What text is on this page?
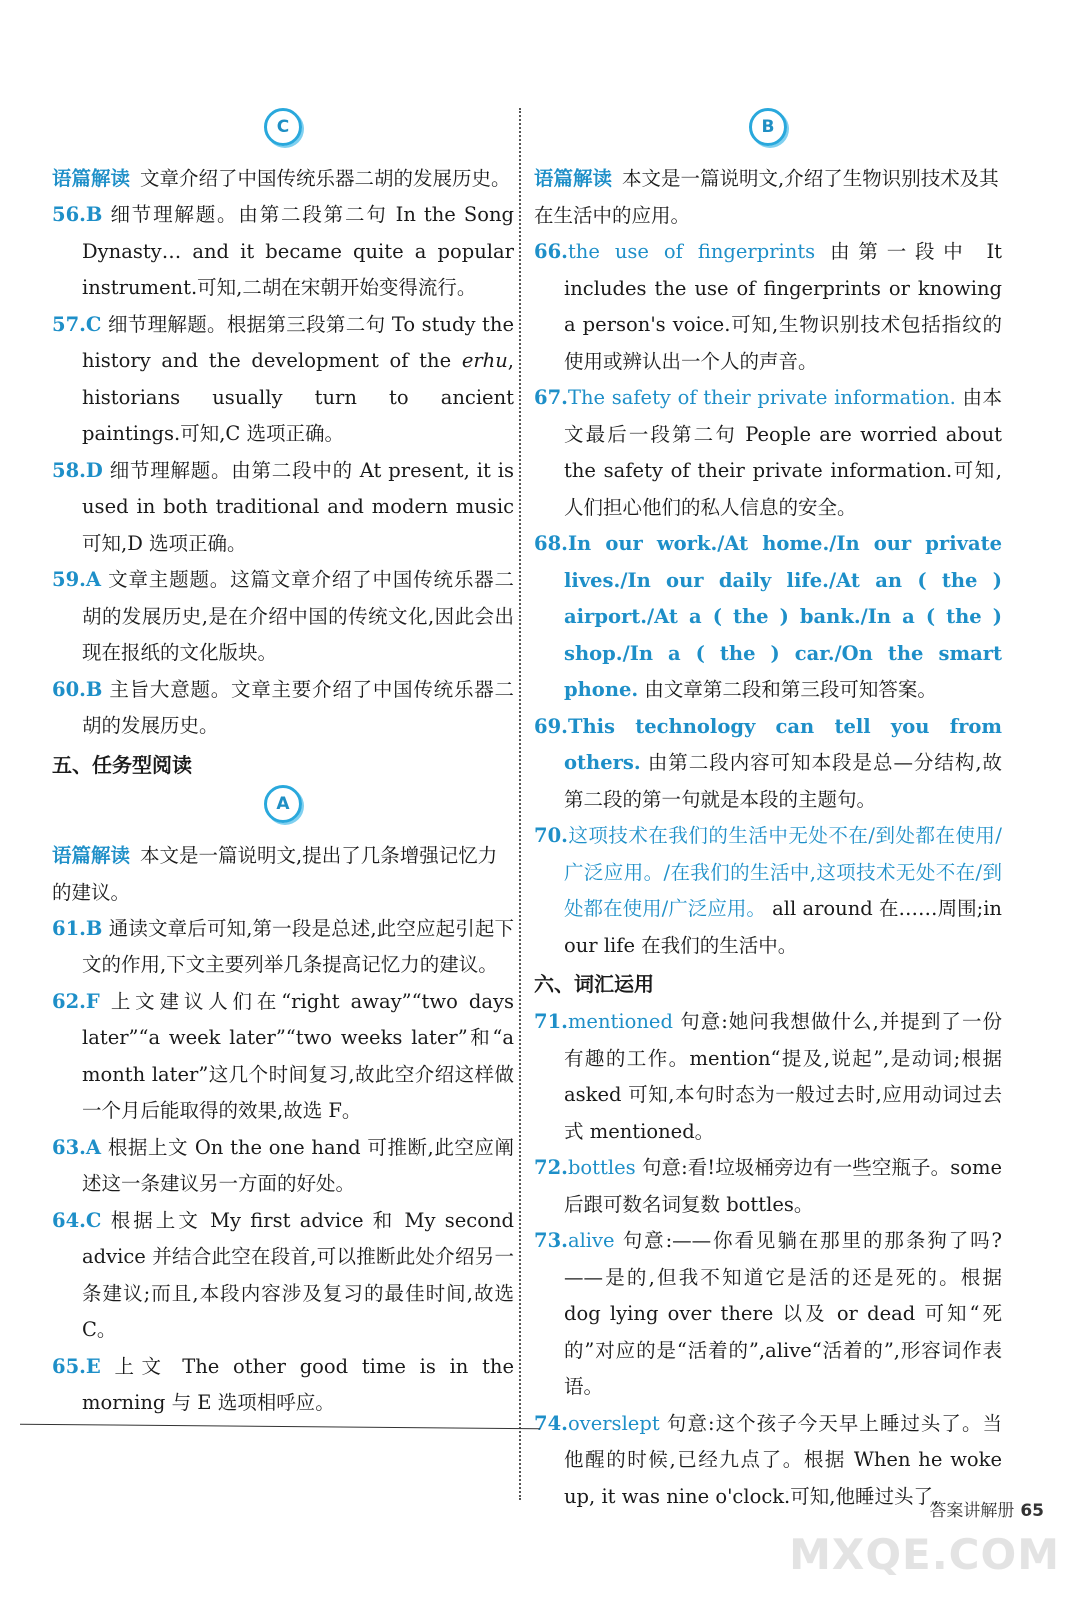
C

语篇解读 文章介绍了中国传统乐器二胡的发展历史。

56.B 细节理解题。由第二段第二句 In the Song Dynasty… and it became quite a popular instrument.可知,二胡在宋朝开始变得流行。

57.C 细节理解题。根据第三段第二句 To study the history and the development of the erhu, historians usually turn to ancient paintings.可知,C 选项正确。

58.D 细节理解题。由第二段中的 At present, it is used in both traditional and modern music 可知,D 选项正确。

59.A 文章主题题。这篇文章介绍了中国传统乐器二胡的发展历史,是在介绍中国的传统文化,因此会出现在报纸的文化版块。

60.B 主旨大意题。文章主要介绍了中国传统乐器二胡的发展历史。

五、任务型阅读

A

语篇解读 本文是一篇说明文,提出了几条增强记忆力的建议。

61.B 通读文章后可知,第一段是总述,此空应起引起下文的作用,下文主要列举几条提高记忆力的建议。

62.F 上文建议人们在“right away”“two days later”“a week later”“two weeks later”和“a month later”这几个时间复习,故此空介绍这样做一个月后能取得的效果,故选 F。

63.A 根据上文 On the one hand 可推断,此空应阐述这一条建议另一方面的好处。

64.C 根据上文 My first advice 和 My second advice 并结合此空在段首,可以推断此处介绍另一条建议;而且,本段内容涉及复习的最佳时间,故选 C。

65.E 上文 The other good time is in the morning 与 E 选项相呼应。

B

语篇解读 本文是一篇说明文,介绍了生物识别技术及其在生活中的应用。

66.the use of fingerprints 由第一段中 It includes the use of fingerprints or knowing a person's voice.可知,生物识别技术包括指纹的使用或辨认出一个人的声音。

67.The safety of their private information. 由本文最后一段第二句 People are worried about the safety of their private information.可知,人们担心他们的私人信息的安全。

68.In our work./At home./In our private lives./In our daily life./At an ( the ) airport./At a ( the ) bank./In a ( the ) shop./In a ( the ) car./On the smart phone. 由文章第二段和第三段可知答案。

69.This technology can tell you from others. 由第二段内容可知本段是总—分结构,故第二段的第一句就是本段的主题句。

70.这项技术在我们的生活中无处不在/到处都在使用/广泛应用。/在我们的生活中,这项技术无处不在/到处都在使用/广泛应用。 all around 在……周围;in our life 在我们的生活中。

六、词汇运用

71.mentioned 句意:她问我想做什么,并提到了一份有趣的工作。mention“提及,说起”,是动词;根据 asked 可知,本句时态为一般过去时,应用动词过去式 mentioned。

72.bottles 句意:看!垃圾桶旁边有一些空瓶子。some 后跟可数名词复数 bottles。

73.alive 句意:——你看见躺在那里的那条狗了吗?——是的,但我不知道它是活的还是死的。根据 dog lying over there 以及 or dead 可知“死的”对应的是“活着的”,alive“活着的”,形容词作表语。

74.overslept 句意:这个孩子今天早上睡过头了。当他醒的时候,已经九点了。根据 When he woke up, it was nine o'clock.可知,他睡过头了,

答案讲解册 65
MXQE.COM
